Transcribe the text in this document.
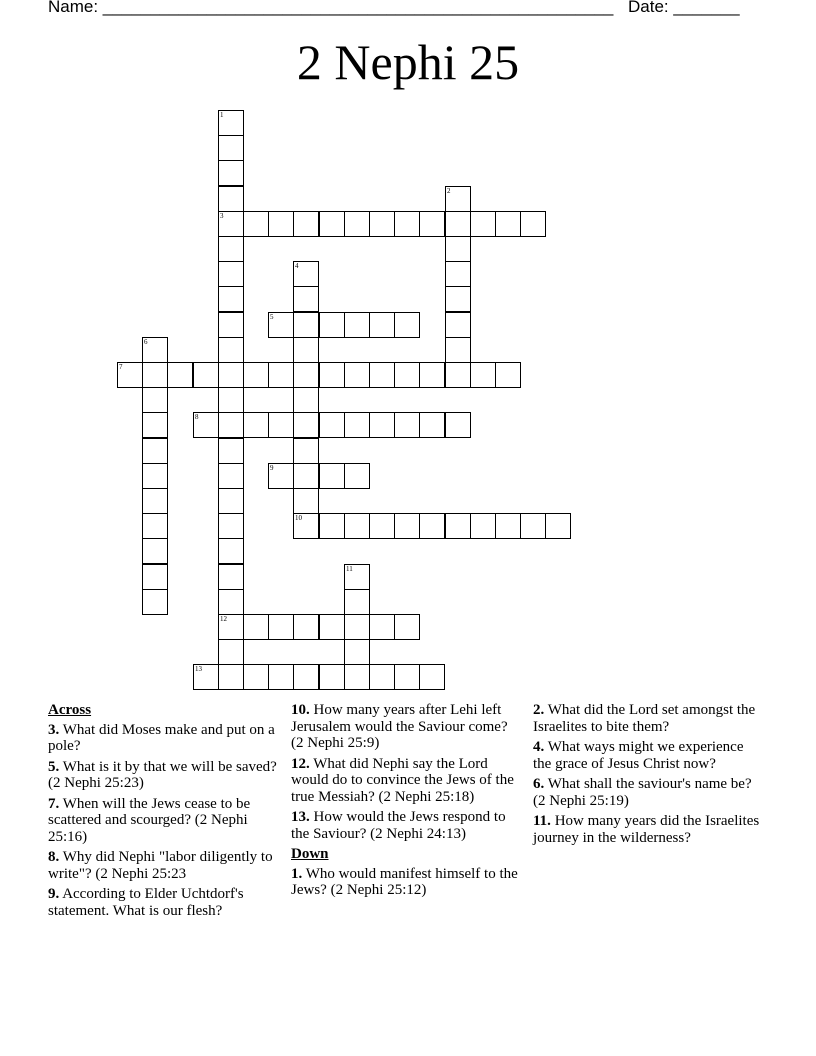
Name: ______________________________________________________ Date: _______
2 Nephi 25
1
3
12
2
4
5
6
7
8
9
10
11
13
Across
3. What did Moses make and put on a pole?
5. What is it by that we will be saved? (2 Nephi 25:23)
7. When will the Jews cease to be scattered and scourged? (2 Nephi 25:16)
8. Why did Nephi "labor diligently to write"? (2 Nephi 25:23
9. According to Elder Uchtdorf's statement. What is our flesh?
10. How many years after Lehi left Jerusalem would the Saviour come? (2 Nephi 25:9)
12. What did Nephi say the Lord would do to convince the Jews of the true Messiah? (2 Nephi 25:18)
13. How would the Jews respond to the Saviour? (2 Nephi 24:13)
Down
1. Who would manifest himself to the Jews? (2 Nephi 25:12)
2. What did the Lord set amongst the Israelites to bite them?
4. What ways might we experience the grace of Jesus Christ now?
6. What shall the saviour's name be? (2 Nephi 25:19)
11. How many years did the Israelites journey in the wilderness?
